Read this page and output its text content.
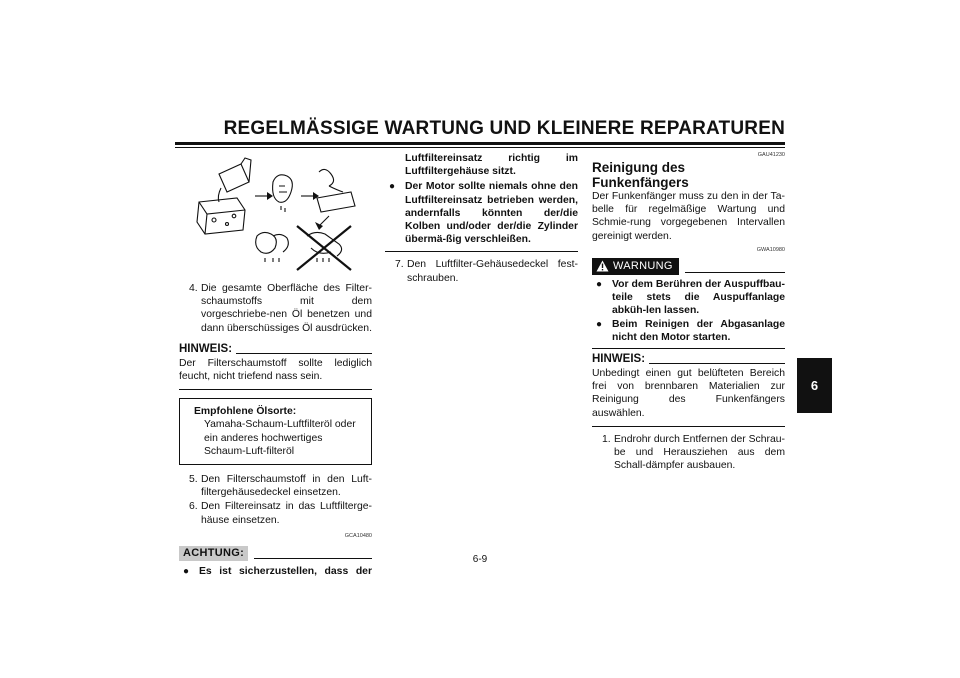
REGELMÄSSIGE WARTUNG UND KLEINERE REPARATUREN
4. Die gesamte Oberfläche des Filter-schaumstoffs mit dem vorgeschriebe-nen Öl benetzen und dann überschüssiges Öl ausdrücken.
HINWEIS:
Der Filterschaumstoff sollte lediglich feucht, nicht triefend nass sein.
Empfohlene Ölsorte:
Yamaha-Schaum-Luftfilteröl oder ein anderes hochwertiges Schaum-Luft-filteröl
5. Den Filterschaumstoff in den Luft-filtergehäusedeckel einsetzen.
6. Den Filtereinsatz in das Luftfilterge-häuse einsetzen.
GCA10480
ACHTUNG:
● Es ist sicherzustellen, dass der
Luftfiltereinsatz richtig im Luftfiltergehäuse sitzt.
● Der Motor sollte niemals ohne den Luftfiltereinsatz betrieben werden, andernfalls könnten der/die Kolben und/oder der/die Zylinder übermä-ßig verschleißen.
7. Den Luftfilter-Gehäusedeckel fest-schrauben.
GAU41230
Reinigung des Funkenfängers
Der Funkenfänger muss zu den in der Ta-belle für regelmäßige Wartung und Schmie-rung vorgegebenen Intervallen gereinigt werden.
GWA10980
WARNUNG
● Vor dem Berühren der Auspuffbau-teile stets die Auspuffanlage abküh-len lassen.
● Beim Reinigen der Abgasanlage nicht den Motor starten.
HINWEIS:
Unbedingt einen gut belüfteten Bereich frei von brennbaren Materialien zur Reinigung des Funkenfängers auswählen.
1. Endrohr durch Entfernen der Schrau-be und Herausziehen aus dem Schall-dämpfer ausbauen.
6
6-9
